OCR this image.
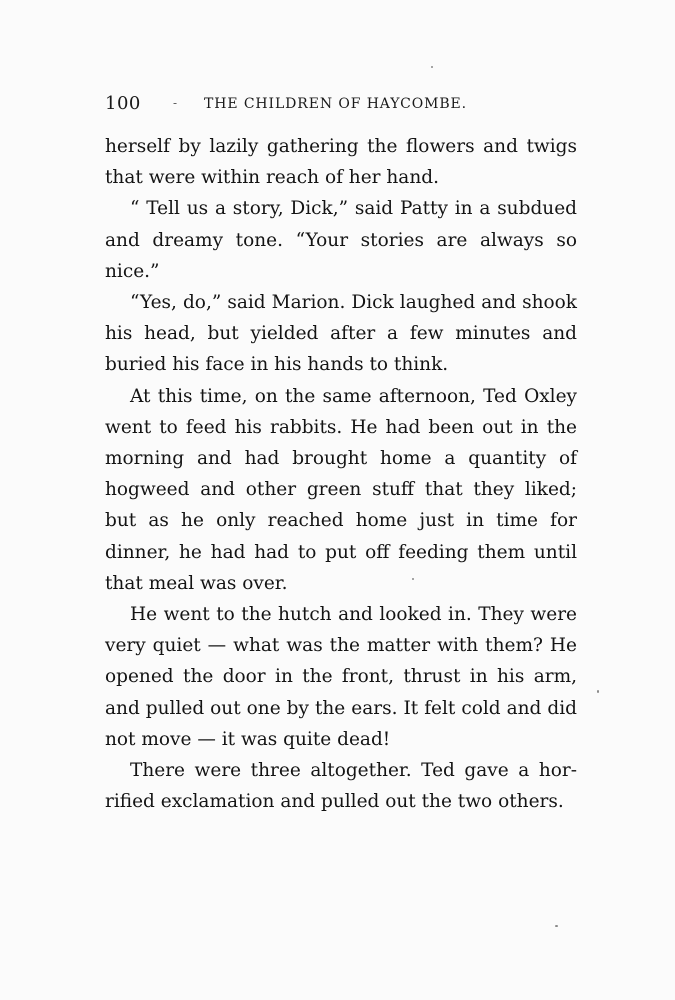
100	- THE CHILDREN OF HAYCOMBE.

herself by lazily gathering the flowers and twigs that were within reach of her hand.

“ Tell us a story, Dick,” said Patty in a subdued and dreamy tone. “Your stories are always so nice.”

“Yes, do,” said Marion. Dick laughed and shook his head, but yielded after a few minutes and buried his face in his hands to think.

At this time, on the same afternoon, Ted Oxley went to feed his rabbits. He had been out in the morning and had brought home a quantity of hogweed and other green stuff that they liked; but as he only reached home just in time for dinner, he had had to put off feeding them until that meal was over.

He went to the hutch and looked in. They were very quiet — what was the matter with them? He opened the door in the front, thrust in his arm, and pulled out one by the ears. It felt cold and did not move — it was quite dead!

There were three altogether. Ted gave a horrified exclamation and pulled out the two others.
